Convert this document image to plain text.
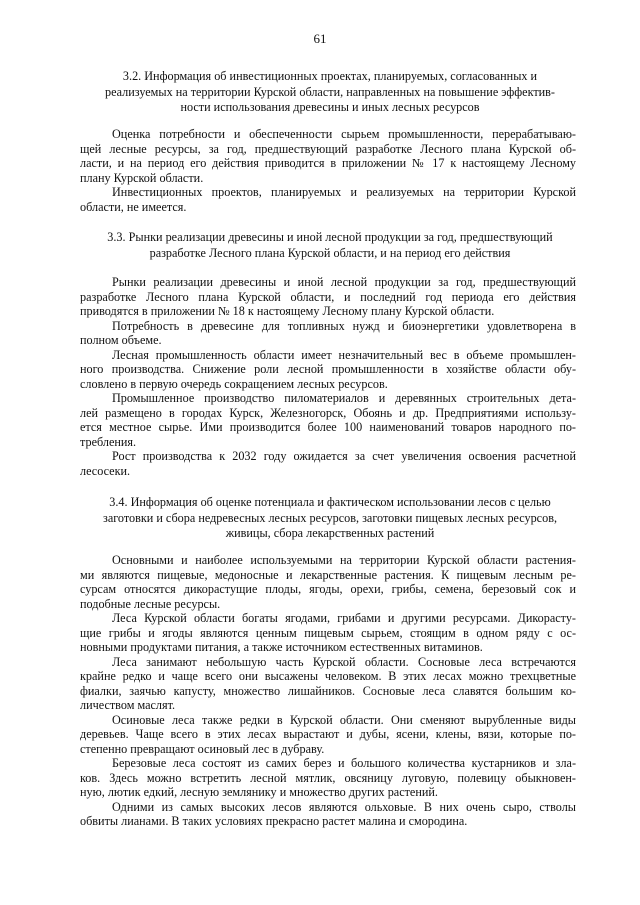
61
3.2. Информация об инвестиционных проектах, планируемых, согласованных и
реализуемых на территории Курской области, направленных на повышение эффектив-
ности использования древесины и иных лесных ресурсов
Оценка потребности и обеспеченности сырьем промышленности, перерабатываю-
щей лесные ресурсы, за год, предшествующий разработке Лесного плана Курской об-
ласти, и на период его действия приводится в приложении № 17 к настоящему Лесному
плану Курской области.
Инвестиционных проектов, планируемых и реализуемых на территории Курской
области, не имеется.
3.3. Рынки реализации древесины и иной лесной продукции за год, предшествующий
разработке Лесного плана Курской области, и на период его действия
Рынки реализации древесины и иной лесной продукции за год, предшествующий
разработке Лесного плана Курской области, и последний год периода его действия
приводятся в приложении № 18 к настоящему Лесному плану Курской области.
Потребность в древесине для топливных нужд и биоэнергетики удовлетворена в
полном объеме.
Лесная промышленность области имеет незначительный вес в объеме промышлен-
ного производства. Снижение роли лесной промышленности в хозяйстве области обу-
словлено в первую очередь сокращением лесных ресурсов.
Промышленное производство пиломатериалов и деревянных строительных дета-
лей размещено в городах Курск, Железногорск, Обоянь и др. Предприятиями использу-
ется местное сырье. Ими производится более 100 наименований товаров народного по-
требления.
Рост производства к 2032 году ожидается за счет увеличения освоения расчетной
лесосеки.
3.4. Информация об оценке потенциала и фактическом использовании лесов с целью
заготовки и сбора недревесных лесных ресурсов, заготовки пищевых лесных ресурсов,
живицы, сбора лекарственных растений
Основными и наиболее используемыми на территории Курской области растения-
ми являются пищевые, медоносные и лекарственные растения. К пищевым лесным ре-
сурсам относятся дикорастущие плоды, ягоды, орехи, грибы, семена, березовый сок и
подобные лесные ресурсы.
Леса Курской области богаты ягодами, грибами и другими ресурсами. Дикорасту-
щие грибы и ягоды являются ценным пищевым сырьем, стоящим в одном ряду с ос-
новными продуктами питания, а также источником естественных витаминов.
Леса занимают небольшую часть Курской области. Сосновые леса встречаются
крайне редко и чаще всего они высажены человеком. В этих лесах можно трехцветные
фиалки, заячью капусту, множество лишайников. Сосновые леса славятся большим ко-
личеством маслят.
Осиновые леса также редки в Курской области. Они сменяют вырубленные виды
деревьев. Чаще всего в этих лесах вырастают и дубы, ясени, клены, вязи, которые по-
степенно превращают осиновый лес в дубраву.
Березовые леса состоят из самих берез и большого количества кустарников и зла-
ков. Здесь можно встретить лесной мятлик, овсяницу луговую, полевицу обыкновен-
ную, лютик едкий, лесную землянику и множество других растений.
Одними из самых высоких лесов являются ольховые. В них очень сыро, стволы
обвиты лианами. В таких условиях прекрасно растет малина и смородина.
